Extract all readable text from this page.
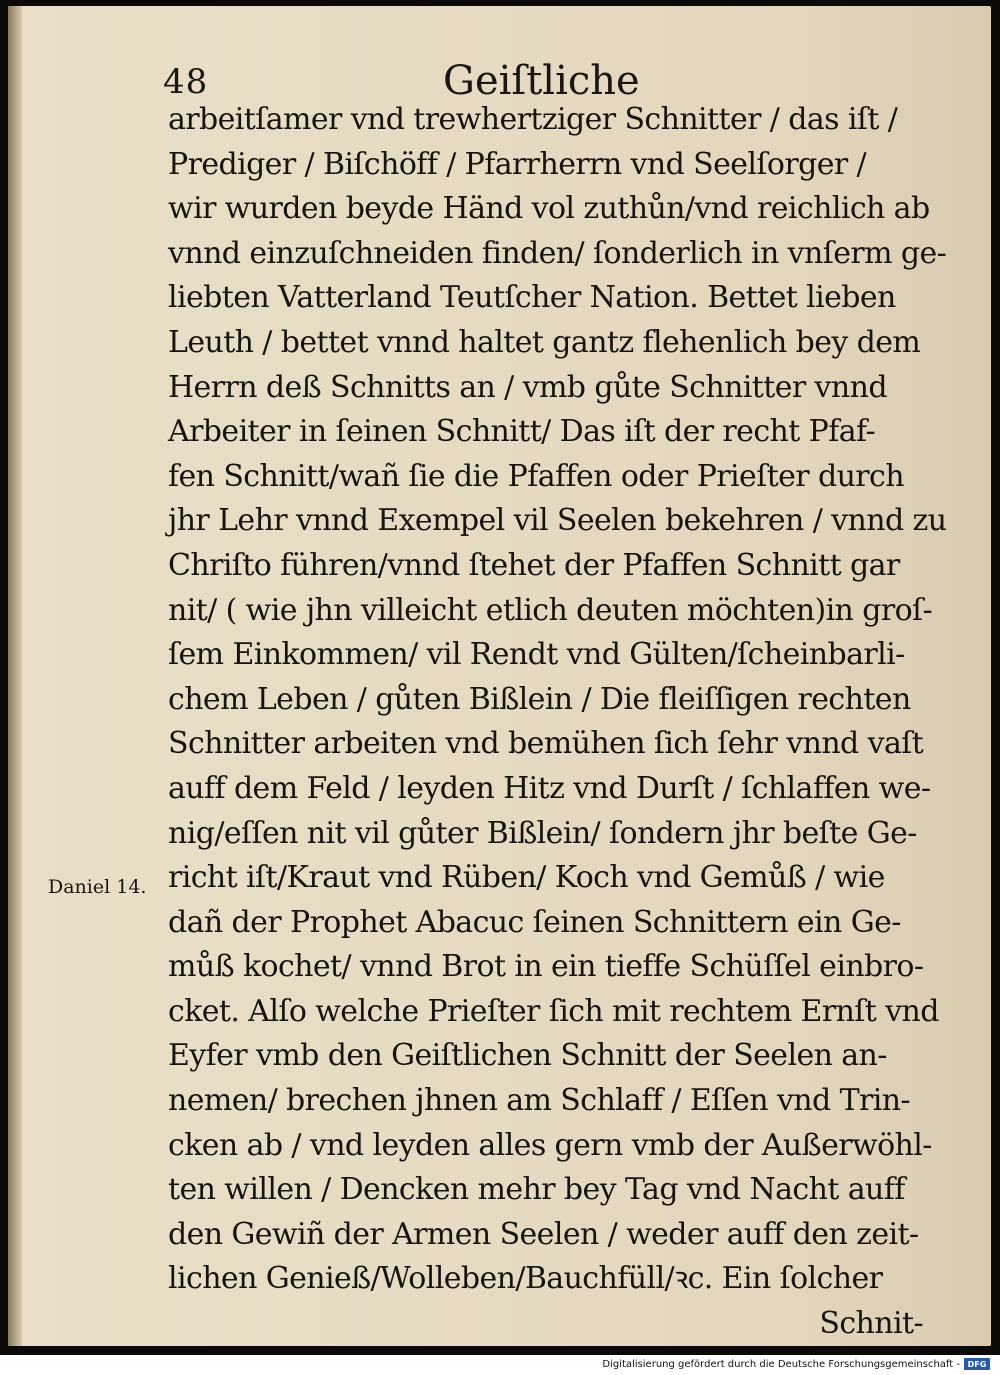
48	Geiſtliche
arbeitſamer vnd trewhertziger Schnitter / das iſt /
Prediger / Biſchöff / Pfarrherrn vnd Seelſorger /
wir wurden beyde Händ vol zuthůn/vnd reichlich ab
vnnd einzuſchneiden finden/ ſonderlich in vnſerm ge-
liebten Vatterland Teutſcher Nation. Bettet lieben
Leuth / bettet vnnd haltet gantz flehenlich bey dem
Herrn deß Schnitts an / vmb gůte Schnitter vnnd
Arbeiter in ſeinen Schnitt/ Das iſt der recht Pfaf-
fen Schnitt/wañ ſie die Pfaffen oder Prieſter durch
jhr Lehr vnnd Exempel vil Seelen bekehren / vnnd zu
Chriſto führen/vnnd ſtehet der Pfaffen Schnitt gar
nit/ ( wie jhn villeicht etlich deuten möchten)in groſ-
ſem Einkommen/ vil Rendt vnd Gülten/ſcheinbarli-
chem Leben / gůten Bißlein / Die fleiſſigen rechten
Schnitter arbeiten vnd bemühen ſich ſehr vnnd vaſt
auff dem Feld / leyden Hitz vnd Durſt / ſchlaffen we-
nig/eſſen nit vil gůter Bißlein/ ſondern jhr beſte Ge-
richt iſt/Kraut vnd Rüben/ Koch vnd Gemůß / wie
dañ der Prophet Abacuc ſeinen Schnittern ein Ge-
můß kochet/ vnnd Brot in ein tieffe Schüſſel einbro-
cket. Alſo welche Prieſter ſich mit rechtem Ernſt vnd
Eyfer vmb den Geiſtlichen Schnitt der Seelen an-
nemen/ brechen jhnen am Schlaff / Eſſen vnd Trin-
cken ab / vnd leyden alles gern vmb der Außerwöhl-
ten willen / Dencken mehr bey Tag vnd Nacht auff
den Gewiñ der Armen Seelen / weder auff den zeit-
lichen Genieß/Wolleben/Bauchfüll/ꝛc. Ein ſolcher
Schnit-
Daniel 14.
Digitalisierung gefördert durch die Deutsche Forschungsgemeinschaft - DFG
